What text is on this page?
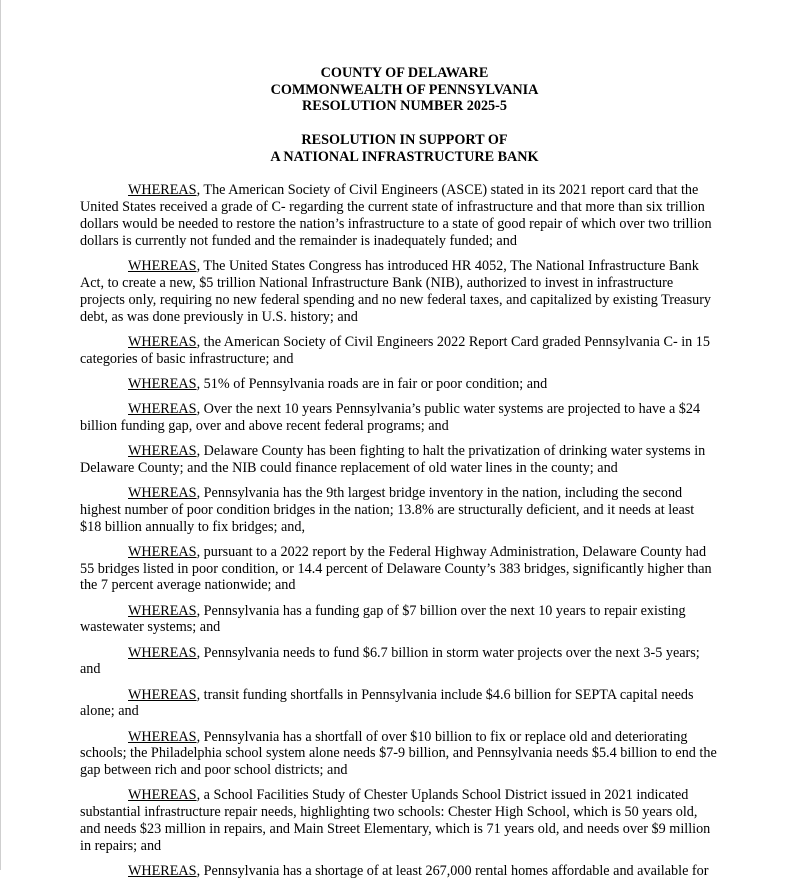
COUNTY OF DELAWARE
COMMONWEALTH OF PENNSYLVANIA
RESOLUTION NUMBER 2025-5
RESOLUTION IN SUPPORT OF
A NATIONAL INFRASTRUCTURE BANK

WHEREAS, The American Society of Civil Engineers (ASCE) stated in its 2021 report card that the
United States received a grade of C- regarding the current state of infrastructure and that more than six trillion
dollars would be needed to restore the nation’s infrastructure to a state of good repair of which over two trillion
dollars is currently not funded and the remainder is inadequately funded; and

WHEREAS, The United States Congress has introduced HR 4052, The National Infrastructure Bank
Act, to create a new, $5 trillion National Infrastructure Bank (NIB), authorized to invest in infrastructure
projects only, requiring no new federal spending and no new federal taxes, and capitalized by existing Treasury
debt, as was done previously in U.S. history; and

WHEREAS, the American Society of Civil Engineers 2022 Report Card graded Pennsylvania C- in 15
categories of basic infrastructure; and

WHEREAS, 51% of Pennsylvania roads are in fair or poor condition; and

WHEREAS, Over the next 10 years Pennsylvania’s public water systems are projected to have a $24
billion funding gap, over and above recent federal programs; and

WHEREAS, Delaware County has been fighting to halt the privatization of drinking water systems in
Delaware County; and the NIB could finance replacement of old water lines in the county; and

WHEREAS, Pennsylvania has the 9th largest bridge inventory in the nation, including the second
highest number of poor condition bridges in the nation; 13.8% are structurally deficient, and it needs at least
$18 billion annually to fix bridges; and,

WHEREAS, pursuant to a 2022 report by the Federal Highway Administration, Delaware County had
55 bridges listed in poor condition, or 14.4 percent of Delaware County’s 383 bridges, significantly higher than
the 7 percent average nationwide; and

WHEREAS, Pennsylvania has a funding gap of $7 billion over the next 10 years to repair existing
wastewater systems; and

WHEREAS, Pennsylvania needs to fund $6.7 billion in storm water projects over the next 3-5 years;
and

WHEREAS, transit funding shortfalls in Pennsylvania include $4.6 billion for SEPTA capital needs
alone; and

WHEREAS, Pennsylvania has a shortfall of over $10 billion to fix or replace old and deteriorating
schools; the Philadelphia school system alone needs $7-9 billion, and Pennsylvania needs $5.4 billion to end the
gap between rich and poor school districts; and

WHEREAS, a School Facilities Study of Chester Uplands School District issued in 2021 indicated
substantial infrastructure repair needs, highlighting two schools: Chester High School, which is 50 years old,
and needs $23 million in repairs, and Main Street Elementary, which is 71 years old, and needs over $9 million
in repairs; and

WHEREAS, Pennsylvania has a shortage of at least 267,000 rental homes affordable and available for
